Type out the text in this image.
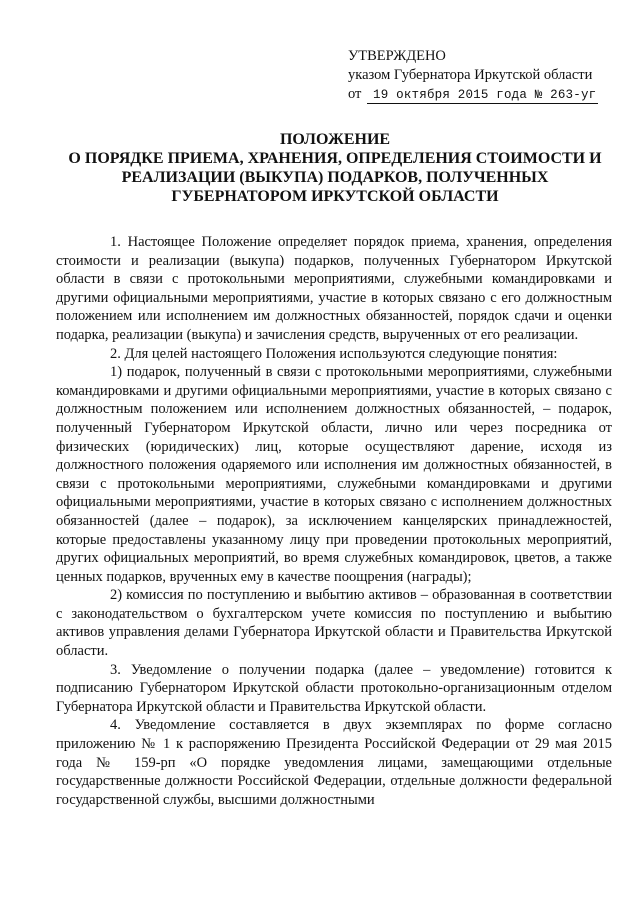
УТВЕРЖДЕНО
указом Губернатора Иркутской области
от 19 октября 2015 года № 263-уг
ПОЛОЖЕНИЕ
О ПОРЯДКЕ ПРИЕМА, ХРАНЕНИЯ, ОПРЕДЕЛЕНИЯ СТОИМОСТИ И
РЕАЛИЗАЦИИ (ВЫКУПА) ПОДАРКОВ, ПОЛУЧЕННЫХ
ГУБЕРНАТОРОМ ИРКУТСКОЙ ОБЛАСТИ

1. Настоящее Положение определяет порядок приема, хранения, определения стоимости и реализации (выкупа) подарков, полученных Губернатором Иркутской области в связи с протокольными мероприятиями, служебными командировками и другими официальными мероприятиями, участие в которых связано с его должностным положением или исполнением им должностных обязанностей, порядок сдачи и оценки подарка, реализации (выкупа) и зачисления средств, вырученных от его реализации.

2. Для целей настоящего Положения используются следующие понятия:

1) подарок, полученный в связи с протокольными мероприятиями, служебными командировками и другими официальными мероприятиями, участие в которых связано с должностным положением или исполнением должностных обязанностей, – подарок, полученный Губернатором Иркутской области, лично или через посредника от физических (юридических) лиц, которые осуществляют дарение, исходя из должностного положения одаряемого или исполнения им должностных обязанностей, в связи с протокольными мероприятиями, служебными командировками и другими официальными мероприятиями, участие в которых связано с исполнением должностных обязанностей (далее – подарок), за исключением канцелярских принадлежностей, которые предоставлены указанному лицу при проведении протокольных мероприятий, других официальных мероприятий, во время служебных командировок, цветов, а также ценных подарков, врученных ему в качестве поощрения (награды);

2) комиссия по поступлению и выбытию активов – образованная в соответствии с законодательством о бухгалтерском учете комиссия по поступлению и выбытию активов управления делами Губернатора Иркутской области и Правительства Иркутской области.

3. Уведомление о получении подарка (далее – уведомление) готовится к подписанию Губернатором Иркутской области протокольно-организационным отделом Губернатора Иркутской области и Правительства Иркутской области.

4. Уведомление составляется в двух экземплярах по форме согласно приложению № 1 к распоряжению Президента Российской Федерации от 29 мая 2015 года № 159-рп «О порядке уведомления лицами, замещающими отдельные государственные должности Российской Федерации, отдельные должности федеральной государственной службы, высшими должностными
